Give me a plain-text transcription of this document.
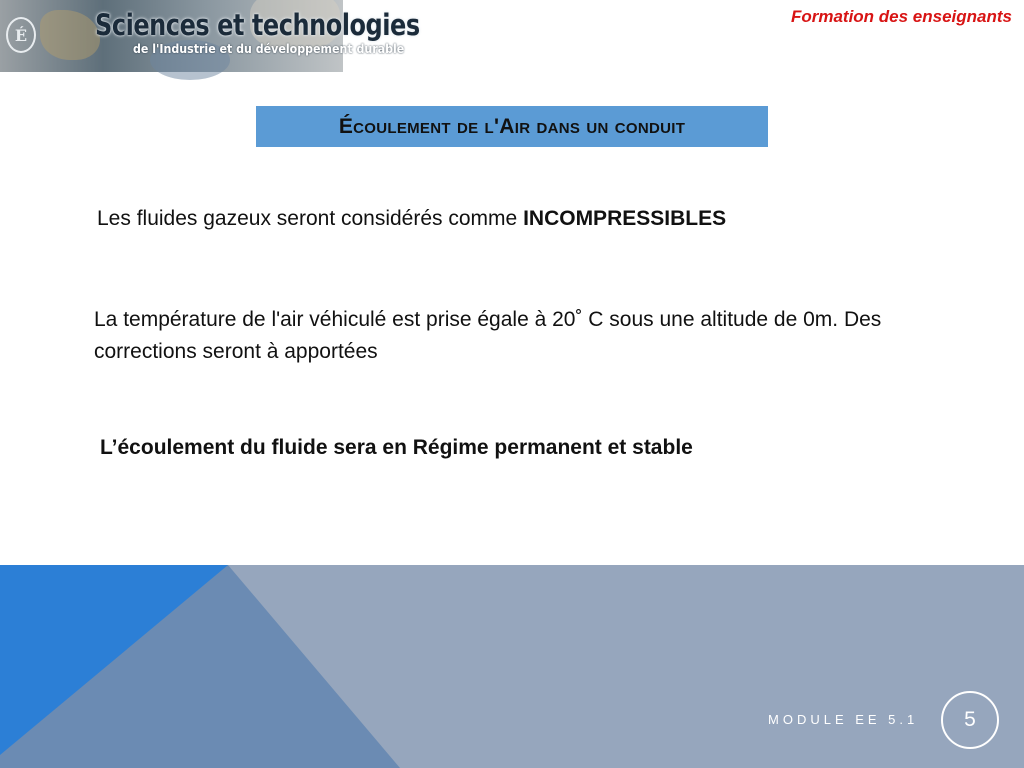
É	Sciences et technologies
de l'Industrie et du développement durable
Formation des enseignants
Écoulement de l'Air dans un conduit
Les fluides gazeux seront considérés comme INCOMPRESSIBLES
La température de l'air véhiculé est prise égale à 20˚ C sous une altitude de 0m. Des corrections seront à apportées
L’écoulement du fluide sera en Régime permanent et stable
MODULE EE 5.1 5
